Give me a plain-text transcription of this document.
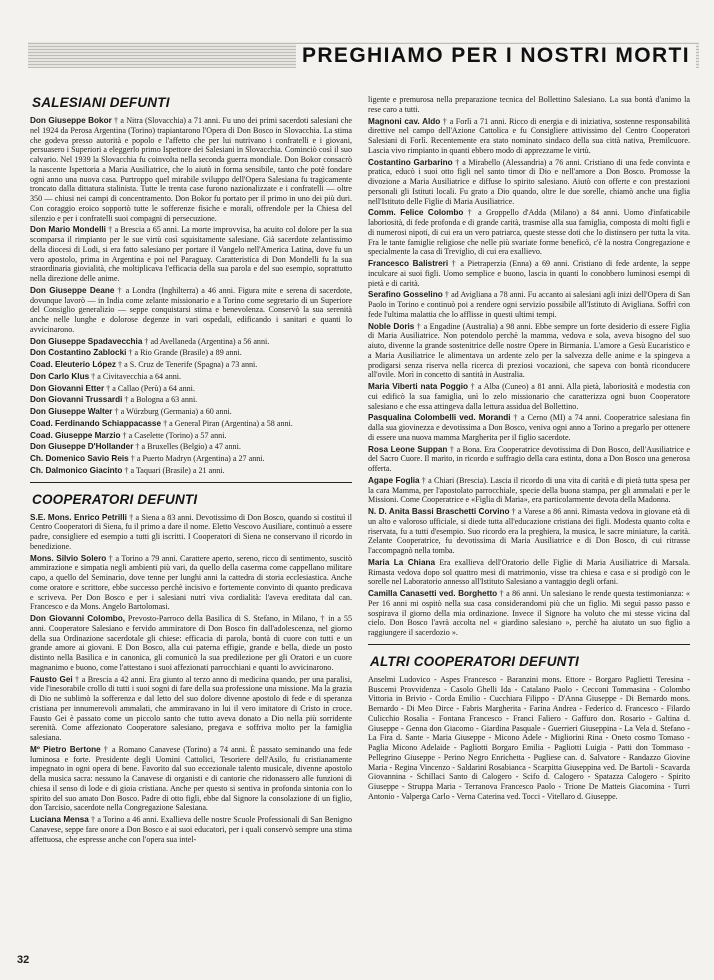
PREGHIAMO PER I NOSTRI MORTI
SALESIANI DEFUNTI
Don Giuseppe Bokor † a Nitra (Slovacchia) a 71 anni. Fu uno dei primi sacerdoti salesiani che nel 1924 da Perosa Argentina (Torino) trapiantarono l'Opera di Don Bosco in Slovacchia. La stima che godeva presso autorità e popolo e l'affetto che per lui nutrivano i confratelli e i giovani, persuasero i Superiori a eleggerlo primo Ispettore dei Salesiani in Slovacchia. Cominciò così il suo calvario. Nel 1939 la Slovacchia fu coinvolta nella seconda guerra mondiale. Don Bokor consacrò la nascente Ispettoria a Maria Ausiliatrice, che lo aiutò in forma sensibile, tanto che potè fondare ogni anno una nuova casa. Purtroppo quel mirabile sviluppo dell'Opera Salesiana fu tragicamente troncato dalla dittatura stalinista. Tutte le trenta case furono nazionalizzate e i confratelli — oltre 350 — chiusi nei campi di concentramento. Don Bokor fu portato per il primo in uno dei più duri. Con coraggio eroico sopportò tutte le sofferenze fisiche e morali, offrendole per la Chiesa del silenzio e per i confratelli suoi compagni di persecuzione.
Don Mario Mondelli † a Brescia a 65 anni. La morte improvvisa, ha acuito col dolore per la sua scomparsa il rimpianto per le sue virtù così squisitamente salesiane. Già sacerdote zelantissimo della diocesi di Lodi, si era fatto salesiano per portare il Vangelo nell'America Latina, dove fu un vero apostolo, prima in Argentina e poi nel Paraguay. Caratteristica di Don Mondelli fu la sua straordinaria giovialità, che moltiplicava l'efficacia della sua parola e del suo esempio, soprattutto nella direzione delle anime.
Don Giuseppe Deane † a Londra (Inghilterra) a 46 anni. Figura mite e serena di sacerdote, dovunque lavorò — in India come zelante missionario e a Torino come segretario di un Superiore del Consiglio generalizio — seppe conquistarsi stima e benevolenza. Conservò la sua serenità anche nelle lunghe e dolorose degenze in vari ospedali, edificando i sanitari e quanti lo avvicinarono.
Don Giuseppe Spadavecchia † ad Avellaneda (Argentina) a 56 anni.
Don Costantino Zablocki † a Rio Grande (Brasile) a 89 anni.
Coad. Eleuterio López † a S. Cruz de Tenerife (Spagna) a 73 anni.
Don Carlo Klus † a Civitavecchia a 64 anni.
Don Giovanni Etter † a Callao (Perù) a 64 anni.
Don Giovanni Trussardi † a Bologna a 63 anni.
Don Giuseppe Walter † a Würzburg (Germania) a 60 anni.
Coad. Ferdinando Schiappacasse † a General Piran (Argentina) a 58 anni.
Coad. Giuseppe Marzio † a Caselette (Torino) a 57 anni.
Don Giuseppe D'Hollander † a Bruxelles (Belgio) a 47 anni.
Ch. Domenico Savio Reis † a Puerto Madryn (Argentina) a 27 anni.
Ch. Dalmonico Giacinto † a Taquari (Brasile) a 21 anni.
COOPERATORI DEFUNTI
S.E. Mons. Enrico Petrilli † a Siena a 83 anni. Devotissimo di Don Bosco, quando si costituì il Centro Cooperatori di Siena, fu il primo a dare il nome. Eletto Vescovo Ausiliare, continuò a essere padre, consigliere ed esempio a tutti gli iscritti. I Cooperatori di Siena ne conservano il ricordo in benedizione.
Mons. Silvio Solero † a Torino a 79 anni. Carattere aperto, sereno, ricco di sentimento, suscitò ammirazione e simpatia negli ambienti più vari, da quello della caserma come cappellano militare capo, a quello del Seminario, dove tenne per lunghi anni la cattedra di storia ecclesiastica. Anche come oratore e scrittore, ebbe successo perchè incisivo e fortemente convinto di quanto predicava e scriveva. Per Don Bosco e per i salesiani nutrì viva cordialità: l'aveva ereditata dal can. Francesco e da Mons. Angelo Bartolomasi.
Don Giovanni Colombo, Prevosto-Parroco della Basilica di S. Stefano, in Milano, † in a 55 anni. Cooperatore Salesiano e fervido ammiratore di Don Bosco fin dall'adolescenza, nel giorno della sua Ordinazione sacerdotale gli chiese: efficacia di parola, bontà di cuore con tutti e un grande amore ai giovani. E Don Bosco, alla cui paterna effigie, grande e bella, diede un posto distinto nella Basilica e in canonica, gli comunicò la sua predilezione per gli Oratori e un cuore magnanimo e buono, come l'attestano i suoi affezionati parrocchiani e quanti lo avvicinarono.
Fausto Gei † a Brescia a 42 anni. Era giunto al terzo anno di medicina quando, per una paralisi, vide l'inesorabile crollo di tutti i suoi sogni di fare della sua professione una missione. Ma la grazia di Dio ne sublimò la sofferenza e dal letto del suo dolore divenne apostolo di fede e di speranza cristiana per innumerevoli ammalati, che ammiravano in lui il vero imitatore di Cristo in croce. Fausto Gei è passato come un piccolo santo che tutto aveva donato a Dio nella più sorridente serenità. Come affezionato Cooperatore salesiano, pregava e soffriva molto per la famiglia salesiana.
Mº Pietro Bertone † a Romano Canavese (Torino) a 74 anni. È passato seminando una fede luminosa e forte. Presidente degli Uomini Cattolici, Tesoriere dell'Asilo, fu cristianamente impegnato in ogni opera di bene. Favorito dal suo eccezionale talento musicale, divenne apostolo della musica sacra: nessuno la Canavese di organisti e di cantorie che ridonassero alle funzioni di chiesa il senso di lode e di gioia cristiana. Anche per questo si sentiva in profonda sintonia con lo spirito del suo amato Don Bosco. Padre di otto figli, ebbe dal Signore la consolazione di un figlio, don Tarcisio, sacerdote nella Congregazione Salesiana.
Luciana Mensa † a Torino a 46 anni. Exallieva delle nostre Scuole Professionali di San Benigno Canavese, seppe fare onore a Don Bosco e ai suoi educatori, per i quali conservò sempre una stima affettuosa, che espresse anche con l'opera sua intel-
ligente e premurosa nella preparazione tecnica del Bollettino Salesiano. La sua bontà d'animo la rese caro a tutti.
Magnoni cav. Aldo † a Forlì a 71 anni. Ricco di energia e di iniziativa, sostenne responsabilità direttive nel campo dell'Azione Cattolica e fu Consigliere attivissimo del Centro Cooperatori Salesiani di Forlì. Recentemente era stato nominato sindaco della sua città nativa, Premilcuore. Lascia vivo rimpianto in quanti ebbero modo di apprezzarne le virtù.
Costantino Garbarino † a Mirabello (Alessandria) a 76 anni. Cristiano di una fede convinta e pratica, educò i suoi otto figli nel santo timor di Dio e nell'amore a Don Bosco. Promosse la divozione a Maria Ausiliatrice e diffuse lo spirito salesiano. Aiutò con offerte e con prestazioni personali gli Istituti locali. Fu grato a Dio quando, oltre le due sorelle, chiamò anche una figlia nell'Istituto delle Figlie di Maria Ausiliatrice.
Comm. Felice Colombo † a Groppello d'Adda (Milano) a 84 anni. Uomo d'infaticabile laboriosità, di fede profonda e di grande carità, trasmise alla sua famiglia, composta di molti figli e di numerosi nipoti, di cui era un vero patriarca, queste stesse doti che lo distinsero per tutta la vita. Fra le tante famiglie religiose che nelle più svariate forme beneficò, c'è la nostra Congregazione e specialmente la casa di Treviglio, di cui era exallievo.
Francesco Balistreri † a Pietraperzia (Enna) a 69 anni. Cristiano di fede ardente, la seppe inculcare ai suoi figli. Uomo semplice e buono, lascia in quanti lo conobbero luminosi esempi di pietà e di carità.
Serafino Gosselino † ad Avigliana a 78 anni. Fu accanto ai salesiani agli inizi dell'Opera di San Paolo in Torino e continuò poi a rendere ogni servizio possibile all'Istituto di Avigliana. Soffrì con fede l'ultima malattia che lo afflisse in questi ultimi tempi.
Noble Doris † a Engadine (Australia) a 98 anni. Ebbe sempre un forte desiderio di essere Figlia di Maria Ausiliatrice. Non potendolo perchè la mamma, vedova e sola, aveva bisogno del suo aiuto, divenne la grande sostenitrice delle nostre Opere in Birmania. L'amore a Gesù Eucaristico e a Maria Ausiliatrice le alimentava un ardente zelo per la salvezza delle anime e la spingeva a prodigarsi senza riserva nella ricerca di preziosi vocazioni, che sapeva con bontà riconducere all'ovile. Morì in concetto di santità in Australia.
Maria Viberti nata Poggio † a Alba (Cuneo) a 81 anni. Alla pietà, laboriosità e modestia con cui edificò la sua famiglia, unì lo zelo missionario che caratterizza ogni buon Cooperatore salesiano e che essa attingeva dalla lettura assidua del Bollettino.
Pasqualina Colombelli ved. Morandi † a Cerno (MI) a 74 anni. Cooperatrice salesiana fin dalla sua giovinezza e devotissima a Don Bosco, veniva ogni anno a Torino a pregarlo per ottenere di essere una nuova mamma Margherita per il figlio sacerdote.
Rosa Leone Suppan † a Bona. Era Cooperatrice devotissima di Don Bosco, dell'Ausiliatrice e del Sacro Cuore. Il marito, in ricordo e suffragio della cara estinta, dona a Don Bosco una generosa offerta.
Agape Foglia † a Chiari (Brescia). Lascia il ricordo di una vita di carità e di pietà tutta spesa per la cara Mamma, per l'apostolato parrocchiale, specie della buona stampa, per gli ammalati e per le Missioni. Come Cooperatrice e «Figlia di Maria», era particolarmente devota della Madonna.
N. D. Anita Bassi Braschetti Corvino † a Varese a 86 anni. Rimasta vedova in giovane età di un alto e valoroso ufficiale, si diede tutta all'educazione cristiana dei figli. Modesta quanto colta e riservata, fu a tutti d'esempio. Suo ricordo era la preghiera, la musica, le sacre miniature, la carità. Zelante Cooperatrice, fu devotissima di Maria Ausiliatrice e di Don Bosco, di cui ritrasse l'accompagnò nella tomba.
Maria La Chiana Era exallieva dell'Oratorio delle Figlie di Maria Ausiliatrice di Marsala. Rimasta vedova dopo sol quattro mesi di matrimonio, visse tra chiesa e casa e si prodigò con le sorelle nel Laboratorio annesso all'Istituto Salesiano a vantaggio degli orfani.
Camilla Canasetti ved. Borghetto † a 86 anni. Un salesiano le rende questa testimonianza: « Per 16 anni mi ospitò nella sua casa considerandomi più che un figlio. Mi seguì passo passo e sospirava il giorno della mia ordinazione. Invece il Signore ha voluto che mi stesse vicina dal cielo. Don Bosco l'avrà accolta nel « giardino salesiano », perchè ha aiutato un suo figlio a raggiungere il sacerdozio ».
ALTRI COOPERATORI DEFUNTI
Anselmi Ludovico - Aspes Francesco - Baranzini mons. Ettore - Borgaro Paglietti Teresina - Buscemi Provvidenza - Casolo Ghelli Ida - Catalano Paolo - Cecconi Tommasina - Colombo Vittoria in Brivio - Corda Emilio - Cucchiara Filippo - D'Anna Giuseppe - Di Bernardo mons. Bernardo - Di Meo Dirce - Fabris Margherita - Farina Andrea - Federico d. Francesco - Filardo Culicchio Rosalia - Fontana Francesco - Franci Faliero - Gaffuro don. Rosario - Galtina d. Giuseppe - Genna don Giacomo - Giardina Pasquale - Guerrieri Giuseppina - La Vela d. Stefano - La Fira d. Sante - Maria Giuseppe - Micono Adele - Migliorini Rina - Oneto cosmo Tomaso - Paglia Micono Adelaide - Pagliotti Borgaro Emilia - Pagliotti Luigia - Patti don Tommaso - Pellegrino Giuseppe - Perino Negro Enrichetta - Pugliese can. d. Salvatore - Randazzo Giovine Maria - Regina Vincenzo - Saldarini Rosabianca - Scarpitta Giuseppina ved. De Bartoli - Scavarda Giovannina - Schillaci Santo di Calogero - Scifo d. Calogero - Spatazza Calogero - Spirito Giuseppe - Struppa Maria - Terranova Francesco Paolo - Trione De Matteis Giacomina - Turri Antonio - Valperga Carlo - Verna Caterina ved. Tocci - Vitellaro d. Giuseppe.
32
